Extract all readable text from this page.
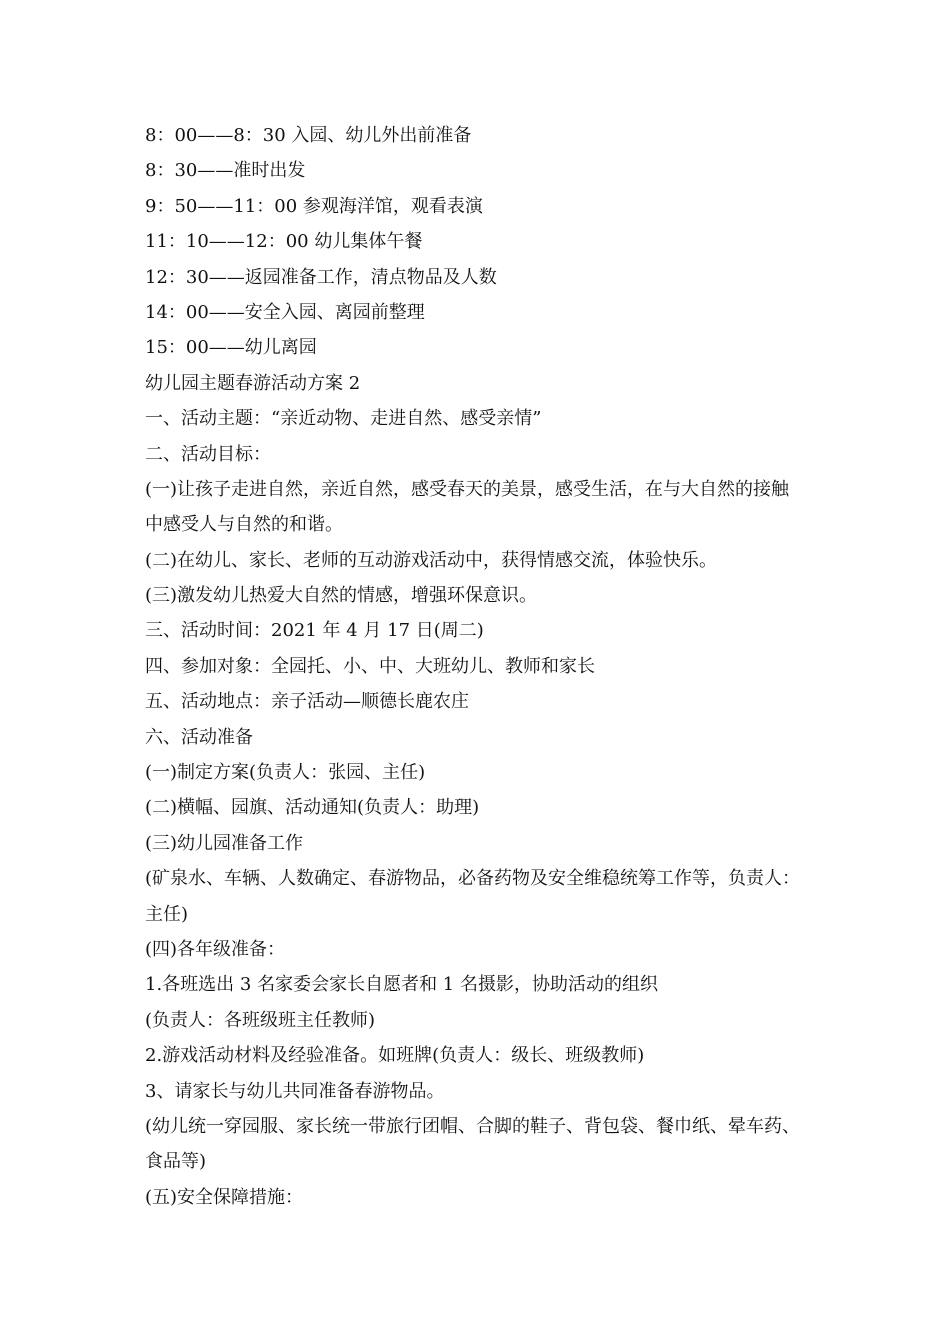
8：00——8：30 入园、幼儿外出前准备
8：30——准时出发
9：50——11：00 参观海洋馆，观看表演
11：10——12：00 幼儿集体午餐
12：30——返园准备工作，清点物品及人数
14：00——安全入园、离园前整理
15：00——幼儿离园
幼儿园主题春游活动方案 2
一、活动主题：“亲近动物、走进自然、感受亲情”
二、活动目标：
(一)让孩子走进自然，亲近自然，感受春天的美景，感受生活，在与大自然的接触
中感受人与自然的和谐。
(二)在幼儿、家长、老师的互动游戏活动中，获得情感交流，体验快乐。
(三)激发幼儿热爱大自然的情感，增强环保意识。
三、活动时间：2021 年 4 月 17 日(周二)
四、参加对象：全园托、小、中、大班幼儿、教师和家长
五、活动地点：亲子活动—顺德长鹿农庄
六、活动准备
(一)制定方案(负责人：张园、主任)
(二)横幅、园旗、活动通知(负责人：助理)
(三)幼儿园准备工作
(矿泉水、车辆、人数确定、春游物品，必备药物及安全维稳统筹工作等，负责人：
主任)
(四)各年级准备：
1.各班选出 3 名家委会家长自愿者和 1 名摄影，协助活动的组织
(负责人：各班级班主任教师)
2.游戏活动材料及经验准备。如班牌(负责人：级长、班级教师)
3、请家长与幼儿共同准备春游物品。
(幼儿统一穿园服、家长统一带旅行团帽、合脚的鞋子、背包袋、餐巾纸、晕车药、
食品等)
(五)安全保障措施：
